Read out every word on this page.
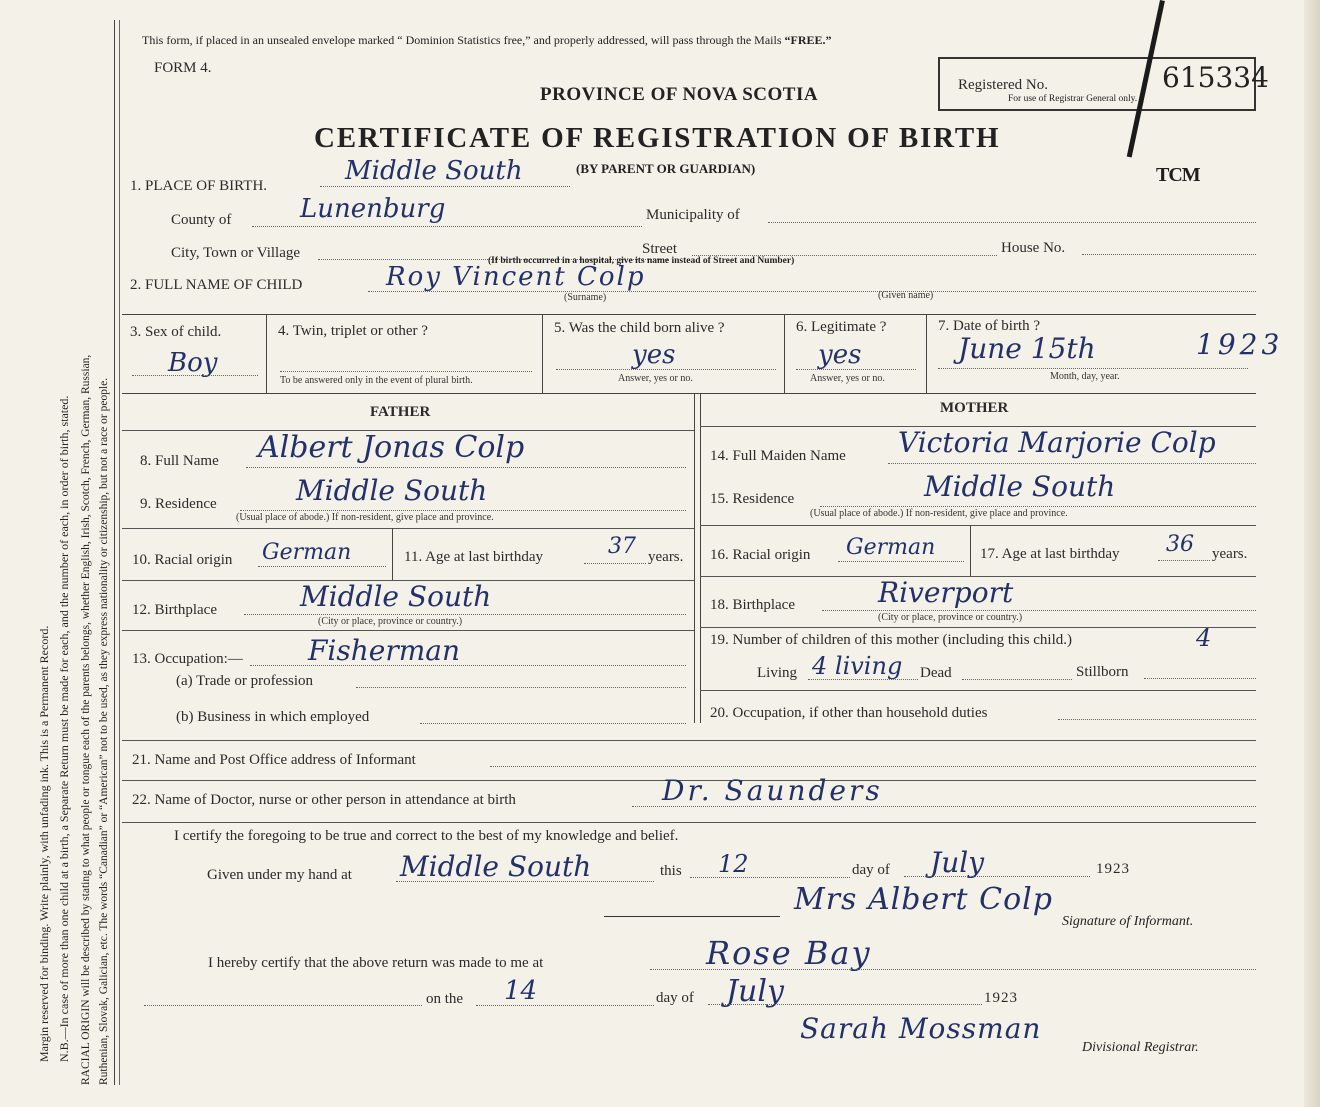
Margin reserved for binding. Write plainly, with unfading ink. This is a Permanent Record. N.B.—In case of more than one child at a birth, a Separate Return must be made for each, and the number of each, in order of birth, stated. RACIAL ORIGIN will be described by stating to what people or tongue each of the parents belongs, whether English, Irish, Scotch, French, German, Russian, Ruthenian, Slovak, Galician, etc. The words “Canadian” or “American” not to be used, as they express nationality or citizenship, but not a race or people.
This form, if placed in an unsealed envelope marked “ Dominion Statistics free,” and properly addressed, will pass through the Mails “FREE.”
FORM 4.
PROVINCE OF NOVA SCOTIA
CERTIFICATE OF REGISTRATION OF BIRTH
Registered No.	615334
For use of Registrar General only.
TCM
1. PLACE OF BIRTH.	Middle South	(BY PARENT OR GUARDIAN)
County of	Lunenburg	Municipality of
City, Town or Village	Street	House No.
(If birth occurred in a hospital, give its name instead of Street and Number)
2. FULL NAME OF CHILD	Roy Vincent Colp
(Surname)	(Given name)
3. Sex of child.
Boy
4. Twin, triplet or other ?
To be answered only in the event of plural birth.
5. Was the child born alive ?
yes
Answer, yes or no.
6. Legitimate ?
yes
Answer, yes or no.
7. Date of birth ?
June 15th	1923
Month, day, year.
FATHER	MOTHER
8. Full Name Albert Jonas Colp
9. Residence	Middle South
(Usual place of abode.) If non-resident, give place and province.
10. Racial origin German	11. Age at last birthday	37 years.
12. Birthplace	Middle South
(City or place, province or country.)
13. Occupation:— Fisherman
(a) Trade or profession
(b) Business in which employed
14. Full Maiden Name Victoria Marjorie Colp
15. Residence	Middle South
(Usual place of abode.) If non-resident, give place and province.
16. Racial origin German	17. Age at last birthday 36 years.
18. Birthplace	Riverport
(City or place, province or country.)
19. Number of children of this mother (including this child.)	4
Living 4 living Dead	Stillborn
20. Occupation, if other than household duties
21. Name and Post Office address of Informant
22. Name of Doctor, nurse or other person in attendance at birth	Dr. Saunders
I certify the foregoing to be true and correct to the best of my knowledge and belief.
Given under my hand at Middle South	this 12	day of July	1923
Mrs Albert Colp
Signature of Informant.
I hereby certify that the above return was made to me at	Rose Bay
on the 14	day of July	1923
Sarah Mossman
Divisional Registrar.
